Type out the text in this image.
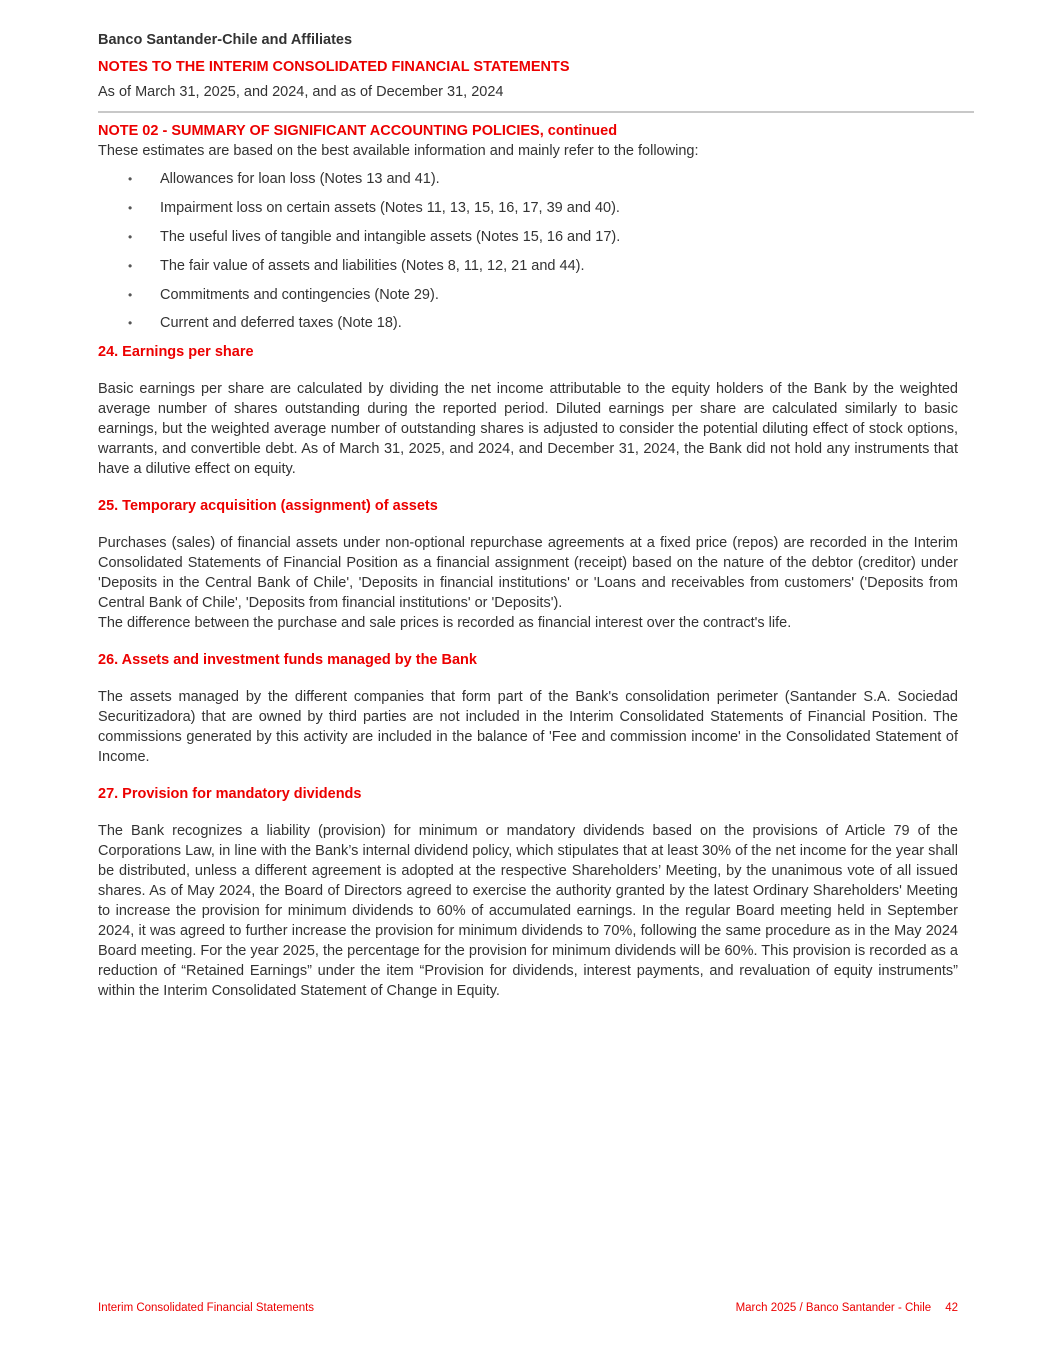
Banco Santander-Chile and Affiliates
NOTES TO THE INTERIM CONSOLIDATED FINANCIAL STATEMENTS
As of March 31, 2025, and 2024, and as of December 31, 2024
NOTE 02 - SUMMARY OF SIGNIFICANT ACCOUNTING POLICIES, continued

These estimates are based on the best available information and mainly refer to the following:

• Allowances for loan loss (Notes 13 and 41).
• Impairment loss on certain assets (Notes 11, 13, 15, 16, 17, 39 and 40).
• The useful lives of tangible and intangible assets (Notes 15, 16 and 17).
• The fair value of assets and liabilities (Notes 8, 11, 12, 21 and 44).
• Commitments and contingencies (Note 29).
• Current and deferred taxes (Note 18).
24. Earnings per share

Basic earnings per share are calculated by dividing the net income attributable to the equity holders of the Bank by the weighted average number of shares outstanding during the reported period. Diluted earnings per share are calculated similarly to basic earnings, but the weighted average number of outstanding shares is adjusted to consider the potential diluting effect of stock options, warrants, and convertible debt. As of March 31, 2025, and 2024, and December 31, 2024, the Bank did not hold any instruments that have a dilutive effect on equity.

25. Temporary acquisition (assignment) of assets

Purchases (sales) of financial assets under non-optional repurchase agreements at a fixed price (repos) are recorded in the Interim Consolidated Statements of Financial Position as a financial assignment (receipt) based on the nature of the debtor (creditor) under 'Deposits in the Central Bank of Chile', 'Deposits in financial institutions' or 'Loans and receivables from customers' ('Deposits from Central Bank of Chile', 'Deposits from financial institutions' or 'Deposits').

The difference between the purchase and sale prices is recorded as financial interest over the contract's life.

26. Assets and investment funds managed by the Bank

The assets managed by the different companies that form part of the Bank's consolidation perimeter (Santander S.A. Sociedad Securitizadora) that are owned by third parties are not included in the Interim Consolidated Statements of Financial Position. The commissions generated by this activity are included in the balance of 'Fee and commission income' in the Consolidated Statement of Income.

27. Provision for mandatory dividends

The Bank recognizes a liability (provision) for minimum or mandatory dividends based on the provisions of Article 79 of the Corporations Law, in line with the Bank’s internal dividend policy, which stipulates that at least 30% of the net income for the year shall be distributed, unless a different agreement is adopted at the respective Shareholders’ Meeting, by the unanimous vote of all issued shares. As of May 2024, the Board of Directors agreed to exercise the authority granted by the latest Ordinary Shareholders' Meeting to increase the provision for minimum dividends to 60% of accumulated earnings. In the regular Board meeting held in September 2024, it was agreed to further increase the provision for minimum dividends to 70%, following the same procedure as in the May 2024 Board meeting. For the year 2025, the percentage for the provision for minimum dividends will be 60%. This provision is recorded as a reduction of “Retained Earnings” under the item “Provision for dividends, interest payments, and revaluation of equity instruments” within the Interim Consolidated Statement of Change in Equity.

Interim Consolidated Financial Statements	March 2025 / Banco Santander - Chile 42
